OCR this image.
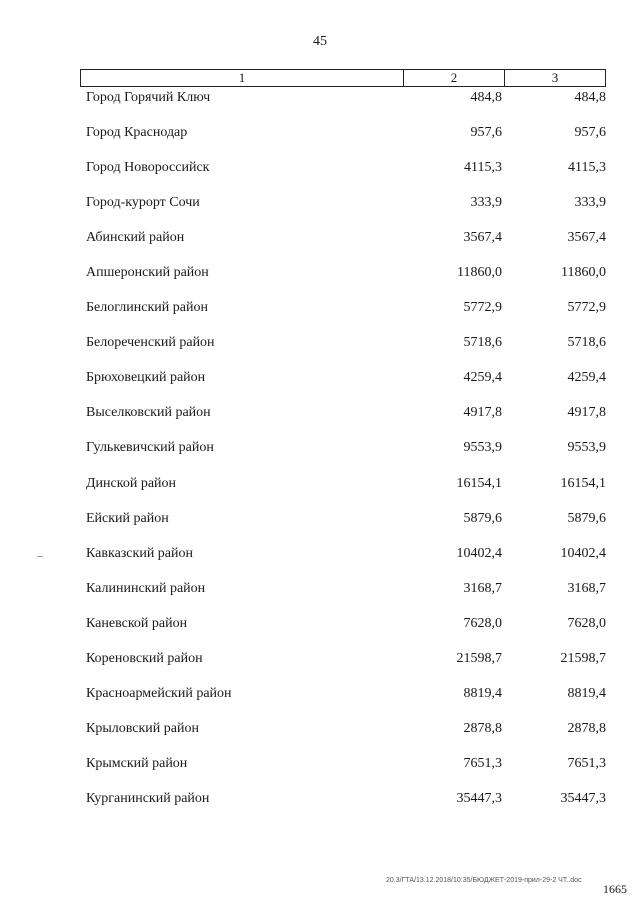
45
1	2	3
Город Горячий Ключ	484,8	484,8
Город Краснодар	957,6	957,6
Город Новороссийск	4115,3	4115,3
Город-курорт Сочи	333,9	333,9
Абинский район	3567,4	3567,4
Апшеронский район	11860,0	11860,0
Белоглинский район	5772,9	5772,9
Белореченский район	5718,6	5718,6
Брюховецкий район	4259,4	4259,4
Выселковский район	4917,8	4917,8
Гулькевичский район	9553,9	9553,9
Динской район	16154,1	16154,1
Ейский район	5879,6	5879,6
Кавказский район	10402,4	10402,4
Калининский район	3168,7	3168,7
Каневской район	7628,0	7628,0
Кореновский район	21598,7	21598,7
Красноармейский район	8819,4	8819,4
Крыловский район	2878,8	2878,8
Крымский район	7651,3	7651,3
Курганинский район	35447,3	35447,3
20.3/ГТА/13.12.2018/10:35/БЮДЖЕТ-2019-прил-29-2 ЧТ..doc
1665
